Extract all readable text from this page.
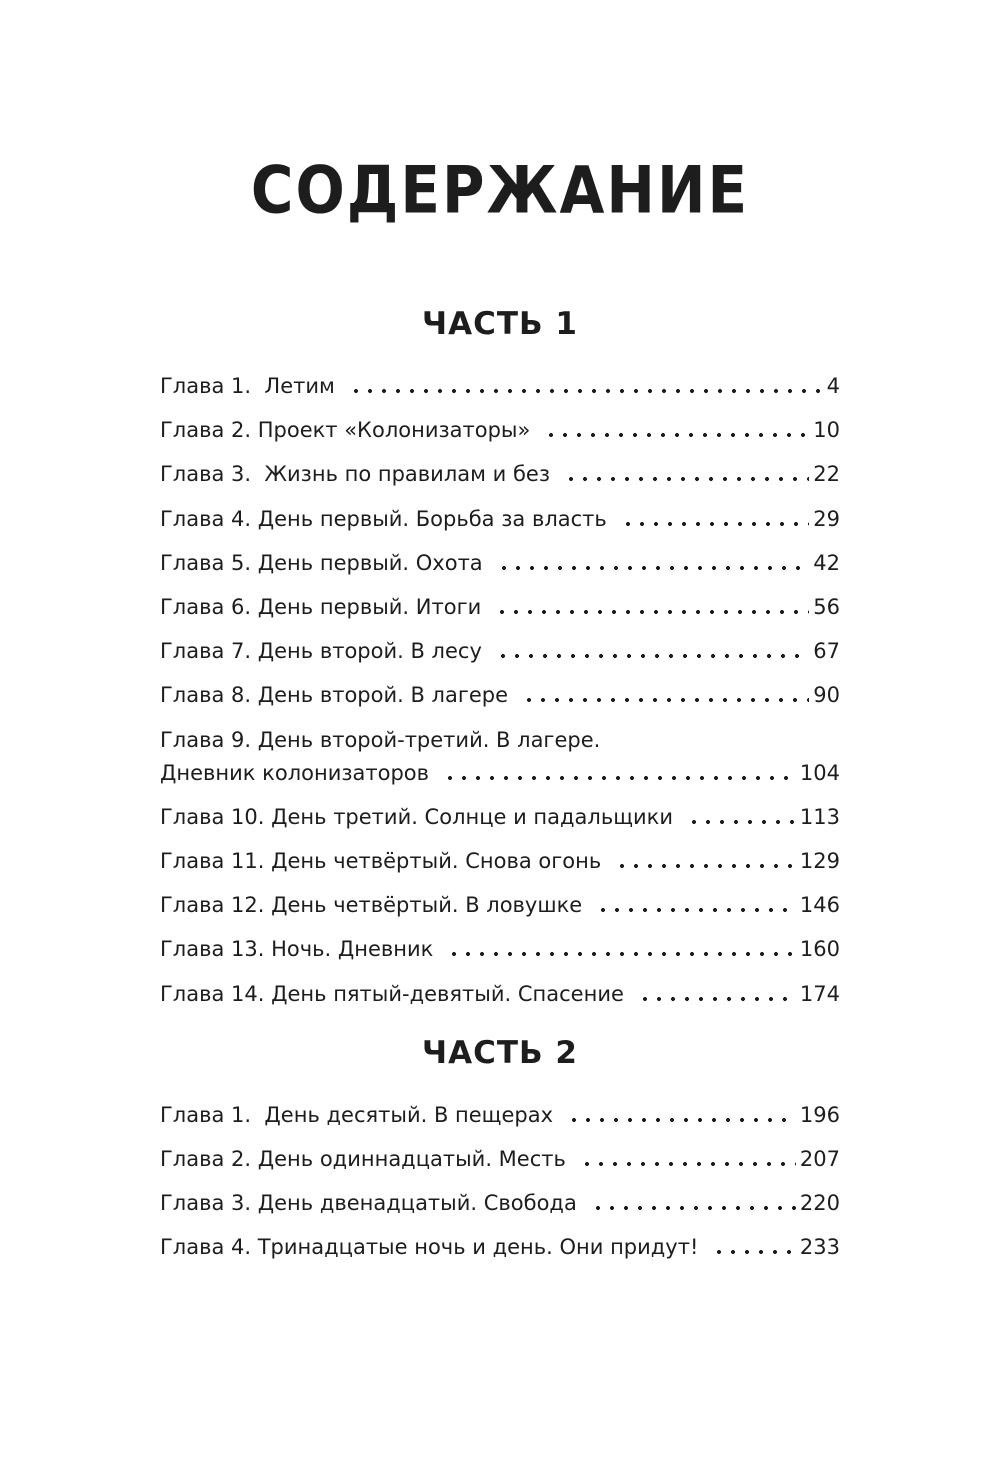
СОДЕРЖАНИЕ
ЧАСТЬ 1
Глава 1.  Летим	4
Глава 2. Проект «Колонизаторы»	10
Глава 3.  Жизнь по правилам и без	22
Глава 4. День первый. Борьба за власть	29
Глава 5. День первый. Охота	42
Глава 6. День первый. Итоги	56
Глава 7. День второй. В лесу	67
Глава 8. День второй. В лагере	90
Глава 9. День второй-третий. В лагере.
Дневник колонизаторов	104
Глава 10. День третий. Солнце и падальщики	113
Глава 11. День четвёртый. Снова огонь	129
Глава 12. День четвёртый. В ловушке	146
Глава 13. Ночь. Дневник	160
Глава 14. День пятый-девятый. Спасение	174
ЧАСТЬ 2
Глава 1.  День десятый. В пещерах	196
Глава 2. День одиннадцатый. Месть	207
Глава 3. День двенадцатый. Свобода	220
Глава 4. Тринадцатые ночь и день. Они придут!	233
